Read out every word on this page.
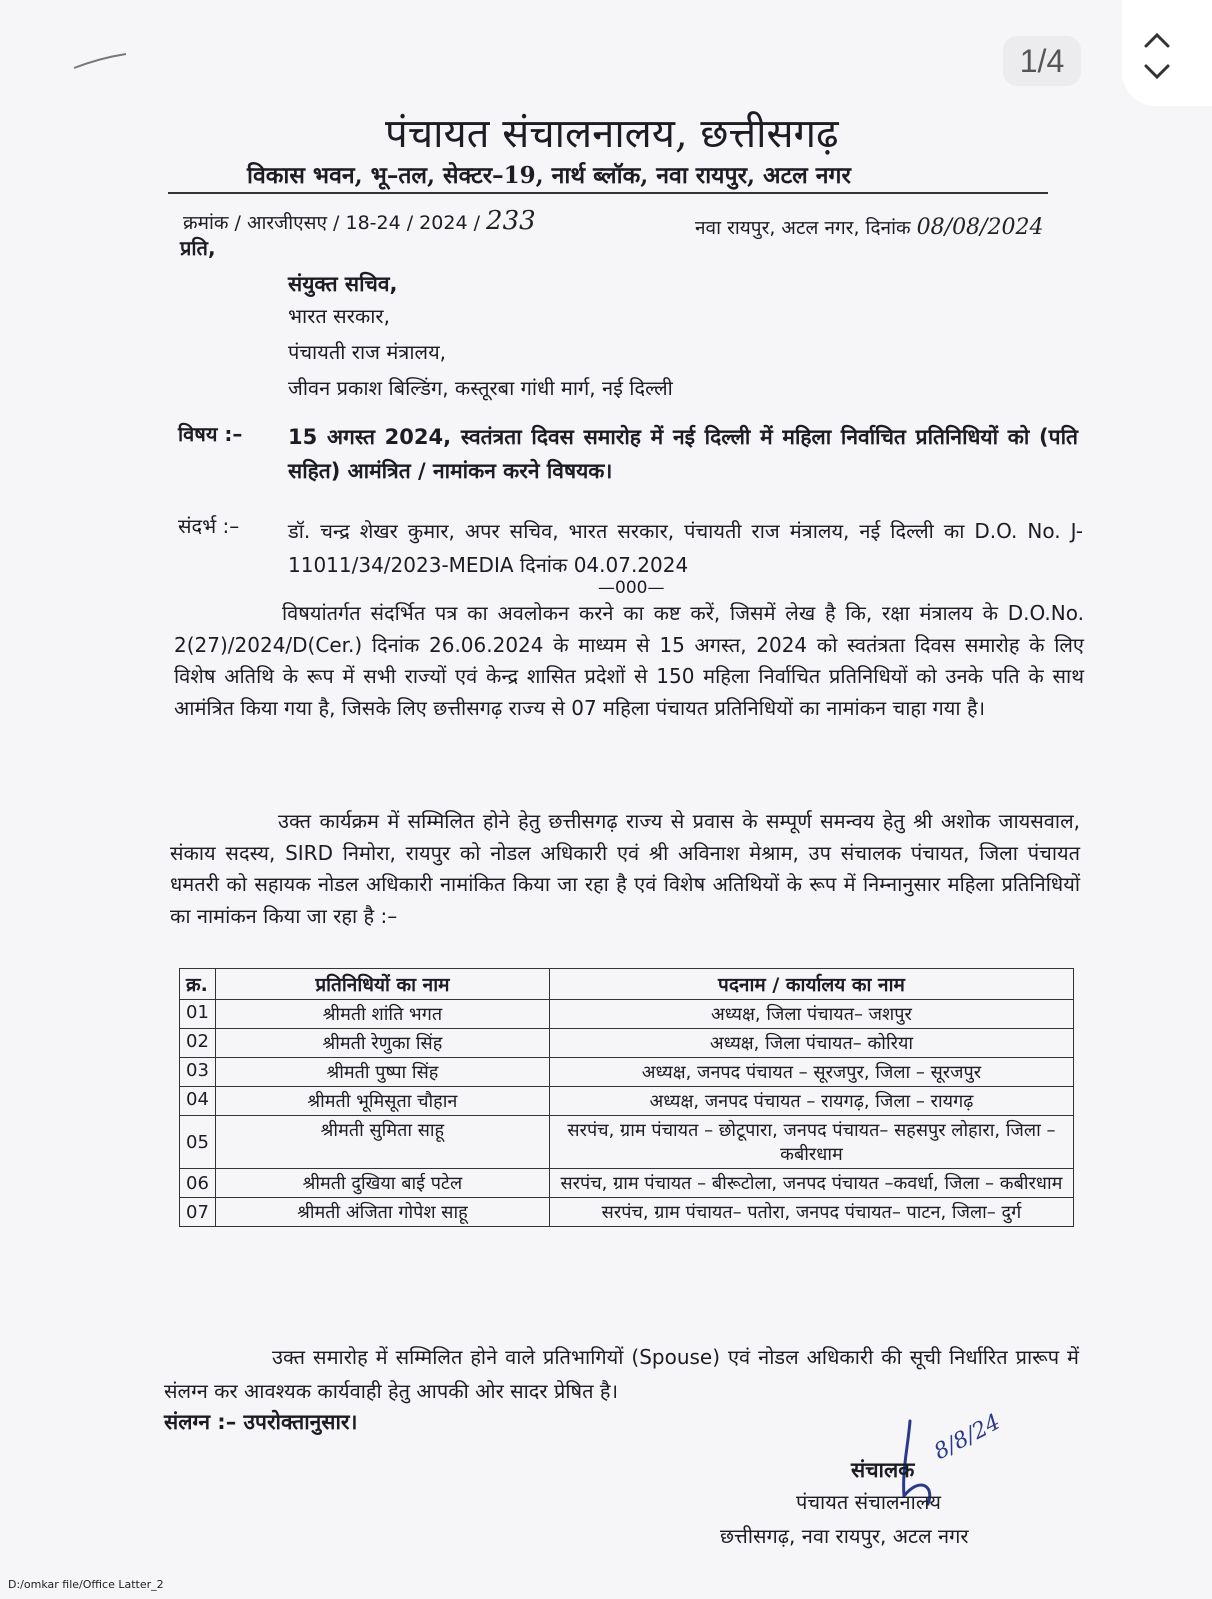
1/4
पंचायत संचालनालय, छत्तीसगढ़
विकास भवन, भू–तल, सेक्टर–19, नार्थ ब्लॉक, नवा रायपुर, अटल नगर
क्रमांक / आरजीएसए / 18-24 / 2024 / 233	नवा रायपुर, अटल नगर, दिनांक 08/08/2024
प्रति,
संयुक्त सचिव,
भारत सरकार,
पंचायती राज मंत्रालय,
जीवन प्रकाश बिल्डिंग, कस्तूरबा गांधी मार्ग, नई दिल्ली
विषय :– 15 अगस्त 2024, स्वतंत्रता दिवस समारोह में नई दिल्ली में महिला निर्वाचित प्रतिनिधियों को (पति सहित) आमंत्रित / नामांकन करने विषयक।
संदर्भ :– डॉ. चन्द्र शेखर कुमार, अपर सचिव, भारत सरकार, पंचायती राज मंत्रालय, नई दिल्ली का D.O. No. J-11011/34/2023-MEDIA दिनांक 04.07.2024
—000—
विषयांतर्गत संदर्भित पत्र का अवलोकन करने का कष्ट करें, जिसमें लेख है कि, रक्षा मंत्रालय के D.O.No. 2(27)/2024/D(Cer.) दिनांक 26.06.2024 के माध्यम से 15 अगस्त, 2024 को स्वतंत्रता दिवस समारोह के लिए विशेष अतिथि के रूप में सभी राज्यों एवं केन्द्र शासित प्रदेशों से 150 महिला निर्वाचित प्रतिनिधियों को उनके पति के साथ आमंत्रित किया गया है, जिसके लिए छत्तीसगढ़ राज्य से 07 महिला पंचायत प्रतिनिधियों का नामांकन चाहा गया है।
उक्त कार्यक्रम में सम्मिलित होने हेतु छत्तीसगढ़ राज्य से प्रवास के सम्पूर्ण समन्वय हेतु श्री अशोक जायसवाल, संकाय सदस्य, SIRD निमोरा, रायपुर को नोडल अधिकारी एवं श्री अविनाश मेश्राम, उप संचालक पंचायत, जिला पंचायत धमतरी को सहायक नोडल अधिकारी नामांकित किया जा रहा है एवं विशेष अतिथियों के रूप में निम्नानुसार महिला प्रतिनिधियों का नामांकन किया जा रहा है :–
क्र.	प्रतिनिधियों का नाम	पदनाम / कार्यालय का नाम
01	श्रीमती शांति भगत	अध्यक्ष, जिला पंचायत– जशपुर
02	श्रीमती रेणुका सिंह	अध्यक्ष, जिला पंचायत– कोरिया
03	श्रीमती पुष्पा सिंह	अध्यक्ष, जनपद पंचायत – सूरजपुर, जिला – सूरजपुर
04	श्रीमती भूमिसूता चौहान	अध्यक्ष, जनपद पंचायत – रायगढ़, जिला – रायगढ़
05	श्रीमती सुमिता साहू	सरपंच, ग्राम पंचायत – छोटूपारा, जनपद पंचायत– सहसपुर लोहारा, जिला – कबीरधाम
06	श्रीमती दुखिया बाई पटेल	सरपंच, ग्राम पंचायत – बीरूटोला, जनपद पंचायत –कवर्धा, जिला – कबीरधाम
07	श्रीमती अंजिता गोपेश साहू	सरपंच, ग्राम पंचायत– पतोरा, जनपद पंचायत– पाटन, जिला– दुर्ग
उक्त समारोह में सम्मिलित होने वाले प्रतिभागियों (Spouse) एवं नोडल अधिकारी की सूची निर्धारित प्रारूप में संलग्न कर आवश्यक कार्यवाही हेतु आपकी ओर सादर प्रेषित है।
संलग्न :– उपरोक्तानुसार।
संचालक
8/8/24
पंचायत संचालनालय
छत्तीसगढ़, नवा रायपुर, अटल नगर
D:/omkar file/Office Latter_2
